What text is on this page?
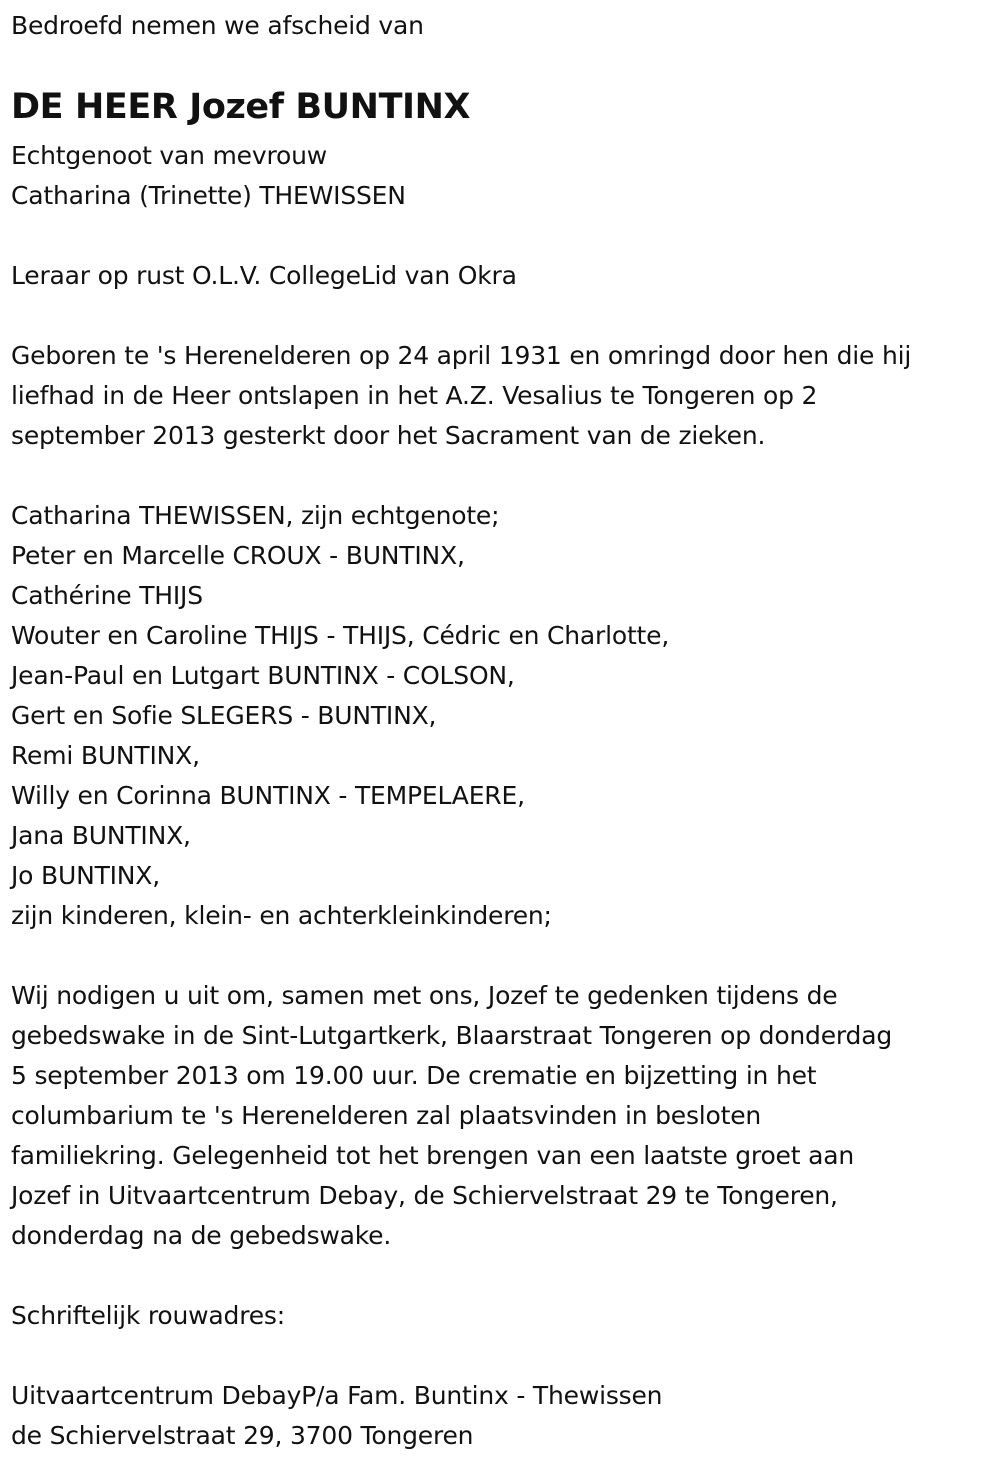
Bedroefd nemen we afscheid van
DE HEER Jozef BUNTINX
Echtgenoot van mevrouw
Catharina (Trinette) THEWISSEN
Leraar op rust O.L.V. CollegeLid van Okra
Geboren te 's Herenelderen op 24 april 1931 en omringd door hen die hij
liefhad in de Heer ontslapen in het A.Z. Vesalius te Tongeren op 2
september 2013 gesterkt door het Sacrament van de zieken.
Catharina THEWISSEN, zijn echtgenote;
Peter en Marcelle CROUX - BUNTINX,
Cathérine THIJS
Wouter en Caroline THIJS - THIJS, Cédric en Charlotte,
Jean-Paul en Lutgart BUNTINX - COLSON,
Gert en Sofie SLEGERS - BUNTINX,
Remi BUNTINX,
Willy en Corinna BUNTINX - TEMPELAERE,
Jana BUNTINX,
Jo BUNTINX,
zijn kinderen, klein- en achterkleinkinderen;
Wij nodigen u uit om, samen met ons, Jozef te gedenken tijdens de
gebedswake in de Sint-Lutgartkerk, Blaarstraat Tongeren op donderdag
5 september 2013 om 19.00 uur. De crematie en bijzetting in het
columbarium te 's Herenelderen zal plaatsvinden in besloten
familiekring. Gelegenheid tot het brengen van een laatste groet aan
Jozef in Uitvaartcentrum Debay, de Schiervelstraat 29 te Tongeren,
donderdag na de gebedswake.
Schriftelijk rouwadres:
Uitvaartcentrum DebayP/a Fam. Buntinx - Thewissen
de Schiervelstraat 29, 3700 Tongeren
